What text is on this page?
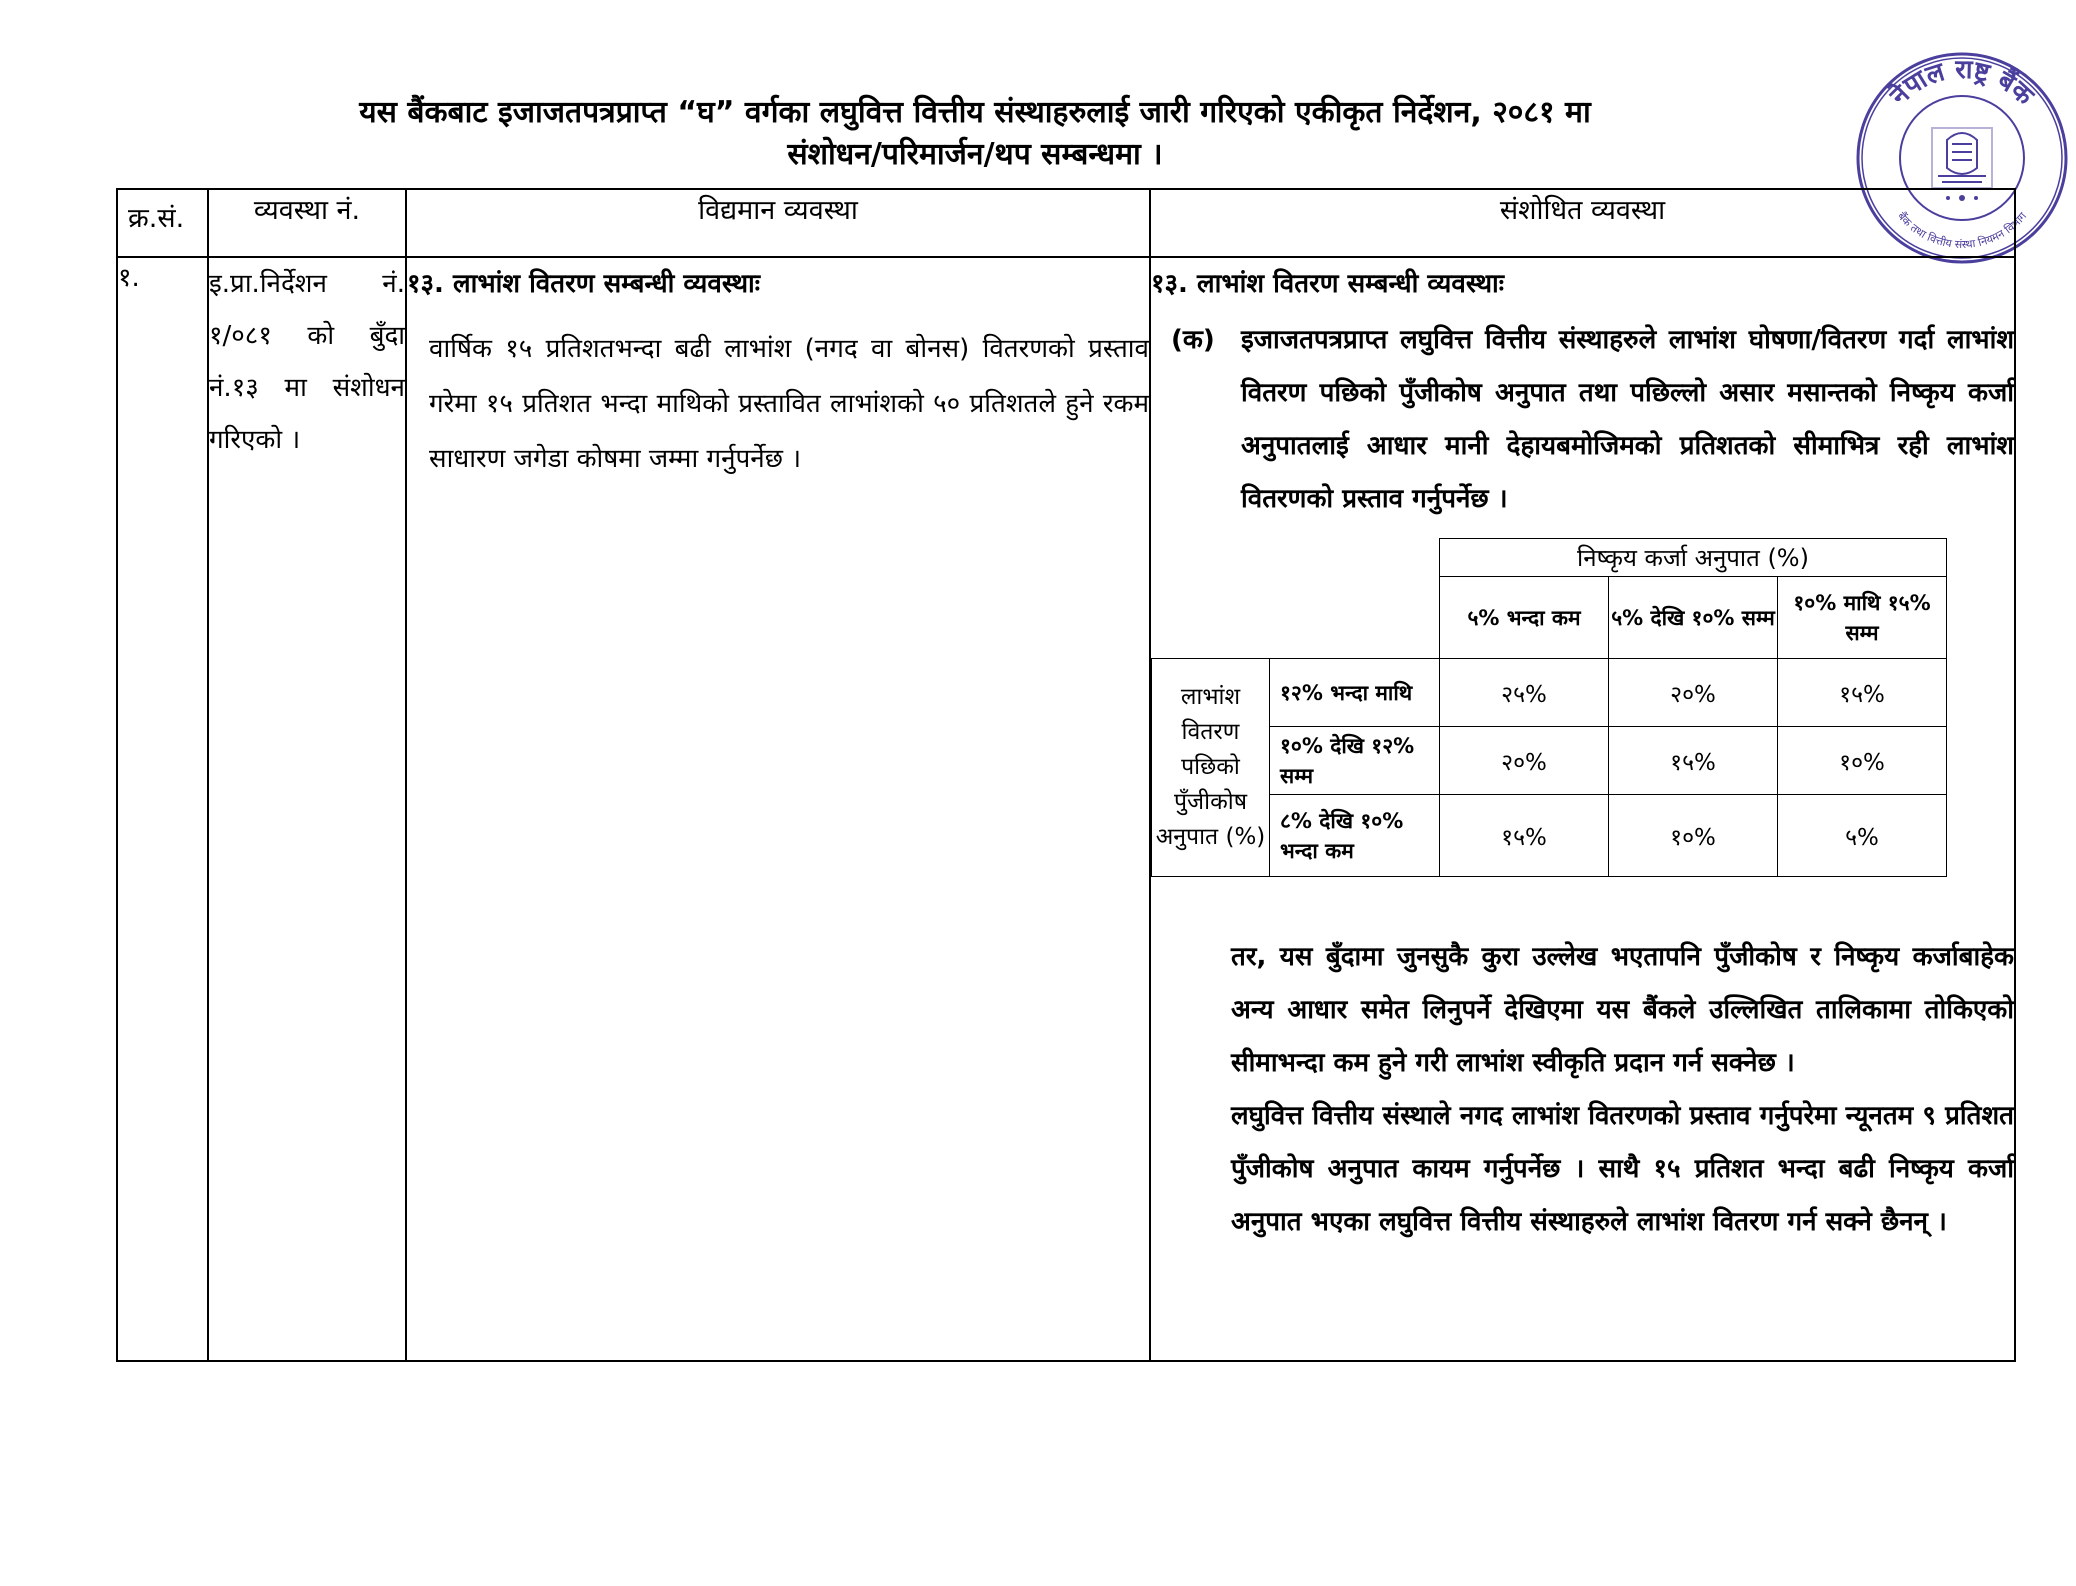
यस बैंकबाट इजाजतपत्रप्राप्त “घ” वर्गका लघुवित्त वित्तीय संस्थाहरुलाई जारी गरिएको एकीकृत निर्देशन, २०८१ मा
संशोधन/परिमार्जन/थप सम्बन्धमा ।
नेपाल राष्ट्र बैंक
बैंक तथा वित्तीय संस्था नियमन विभाग
क्र.सं.	व्यवस्था नं.	विद्यमान व्यवस्था	संशोधित व्यवस्था
१.	इ.प्रा.निर्देशन नं. १/०८१ को बुँदा नं.१३ मा संशोधन गरिएको ।	
१३. लाभांश वितरण सम्बन्धी व्यवस्थाः
वार्षिक १५ प्रतिशतभन्दा बढी लाभांश (नगद वा बोनस) वितरणको प्रस्ताव गरेमा १५ प्रतिशत भन्दा माथिको प्रस्तावित लाभांशको ५० प्रतिशतले हुने रकम साधारण जगेडा कोषमा जम्मा गर्नुपर्नेछ ।

१३. लाभांश वितरण सम्बन्धी व्यवस्थाः
(क)	इजाजतपत्रप्राप्त लघुवित्त वित्तीय संस्थाहरुले लाभांश घोषणा/वितरण गर्दा लाभांश वितरण पछिको पुँजीकोष अनुपात तथा पछिल्लो असार मसान्तको निष्कृय कर्जा अनुपातलाई आधार मानी देहायबमोजिमको प्रतिशतको सीमाभित्र रही लाभांश वितरणको प्रस्ताव गर्नुपर्नेछ ।
	निष्कृय कर्जा अनुपात (%)	
	५% भन्दा कम	५% देखि १०% सम्म	१०% माथि १५% सम्म	
लाभांश वितरण पछिको पुँजीकोष अनुपात (%)	१२% भन्दा माथि	२५%	२०%	१५%	
१०% देखि १२% सम्म	२०%	१५%	१०%	
८% देखि १०% भन्दा कम	१५%	१०%	५%	

तर, यस बुँदामा जुनसुकै कुरा उल्लेख भएतापनि पुँजीकोष र निष्कृय कर्जाबाहेक अन्य आधार समेत लिनुपर्ने देखिएमा यस बैंकले उल्लिखित तालिकामा तोकिएको सीमाभन्दा कम हुने गरी लाभांश स्वीकृति प्रदान गर्न सक्नेछ ।

लघुवित्त वित्तीय संस्थाले नगद लाभांश वितरणको प्रस्ताव गर्नुपरेमा न्यूनतम ९ प्रतिशत पुँजीकोष अनुपात कायम गर्नुपर्नेछ । साथै १५ प्रतिशत भन्दा बढी निष्कृय कर्जा अनुपात भएका लघुवित्त वित्तीय संस्थाहरुले लाभांश वितरण गर्न सक्ने छैनन् ।
